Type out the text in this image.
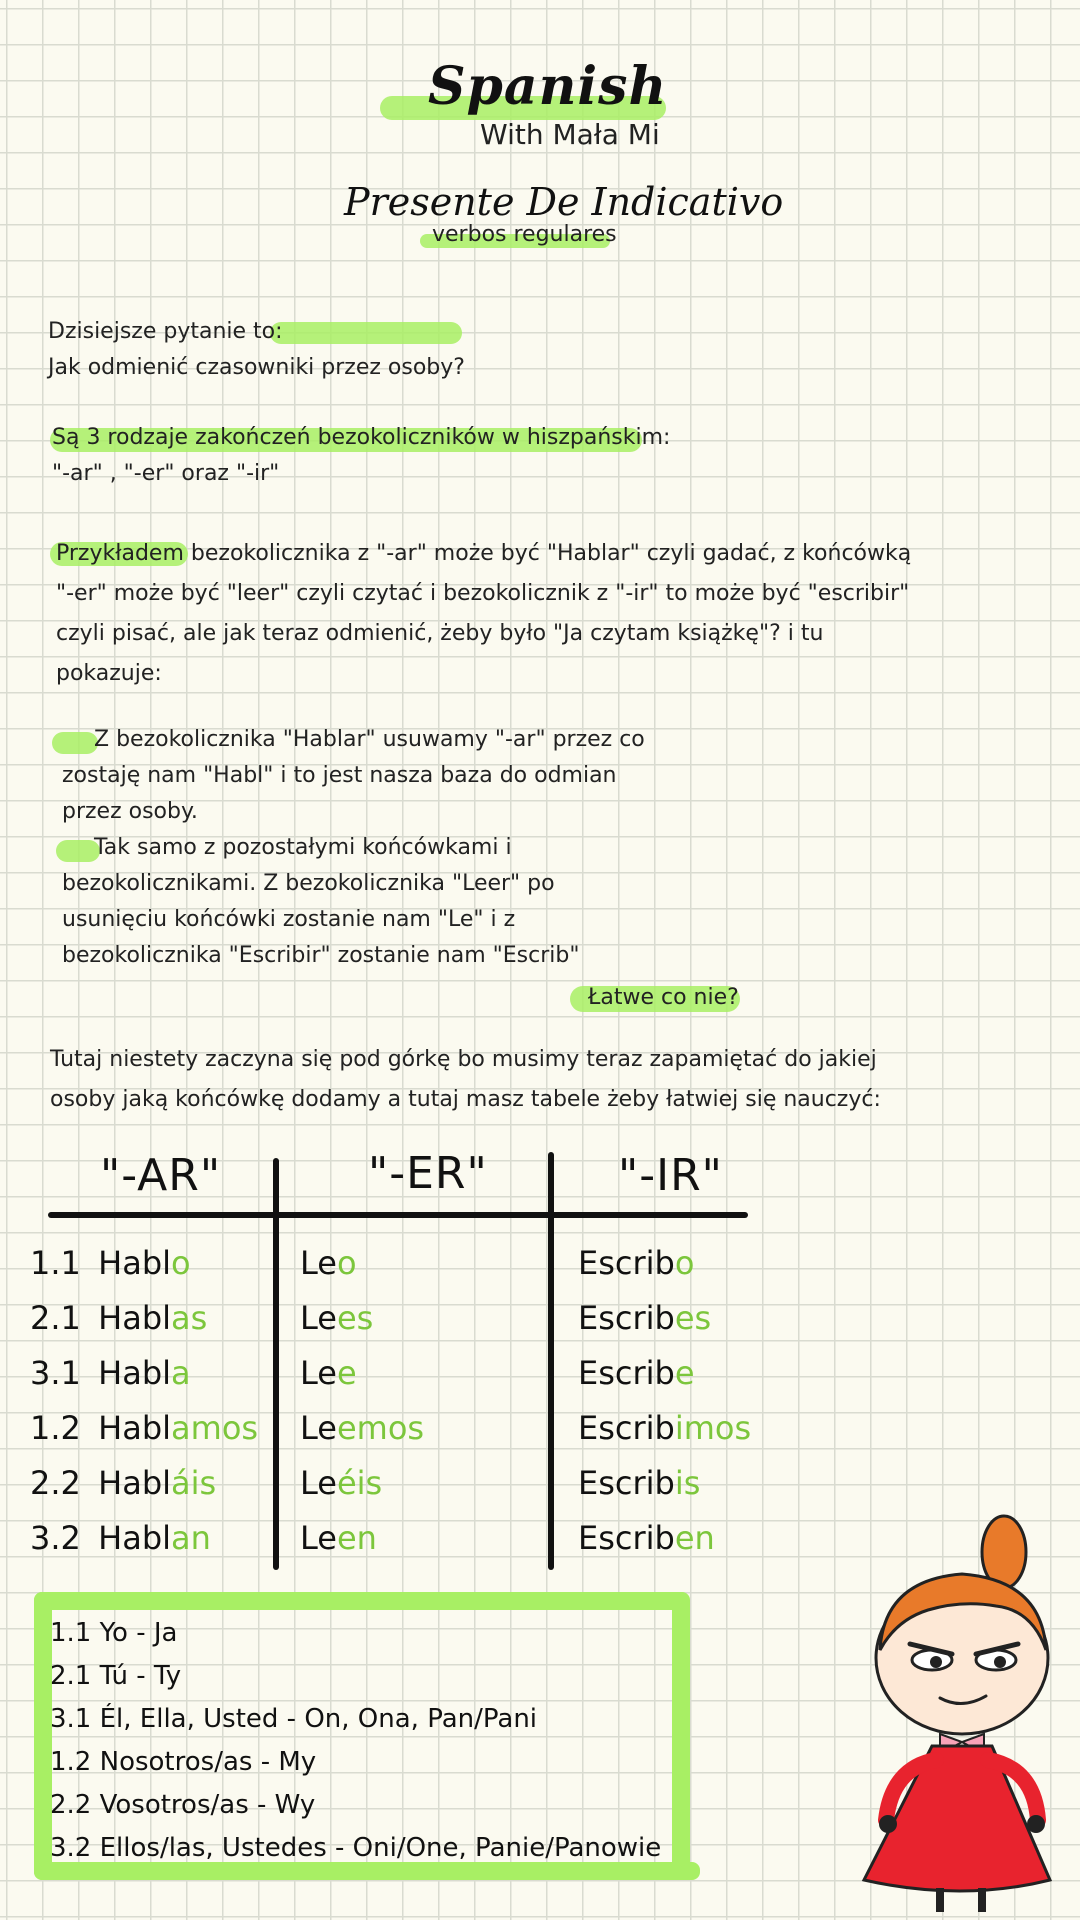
Spanish
With Mała Mi
Presente De Indicativo
verbos regulares

Dzisiejsze pytanie to:

Jak odmienić czasowniki przez osoby?

Są 3 rodzaje zakończeń bezokoliczników w hiszpańskim:

"-ar" , "-er" oraz "-ir"

Przykładem bezokolicznika z "-ar" może być "Hablar" czyli gadać, z końcówką

"-er" może być "leer" czyli czytać i bezokolicznik z "-ir" to może być "escribir"

czyli pisać, ale jak teraz odmienić, żeby było "Ja czytam książkę"? i tu

pokazuje:

Z bezokolicznika "Hablar" usuwamy "-ar" przez co

zostaję nam "Habl" i to jest nasza baza do odmian

przez osoby.

Tak samo z pozostałymi końcówkami i

bezokolicznikami. Z bezokolicznika "Leer" po

usunięciu końcówki zostanie nam "Le" i z

bezokolicznika "Escribir" zostanie nam "Escrib"

Łatwe co nie?

Tutaj niestety zaczyna się pod górkę bo musimy teraz zapamiętać do jakiej

osoby jaką końcówkę dodamy a tutaj masz tabele żeby łatwiej się nauczyć:

"-AR"	"-ER"	"-IR"
1.1 Hablo
2.1 Hablas
3.1 Habla
1.2 Hablamos
2.2 Habláis
3.2 Hablan
Leo
Lees
Lee
Leemos
Leéis
Leen
Escribo
Escribes
Escribe
Escribimos
Escribis
Escriben
1.1 Yo - Ja
2.1 Tú - Ty
3.1 Él, Ella, Usted - On, Ona, Pan/Pani
1.2 Nosotros/as - My
2.2 Vosotros/as - Wy
3.2 Ellos/las, Ustedes - Oni/One, Panie/Panowie
